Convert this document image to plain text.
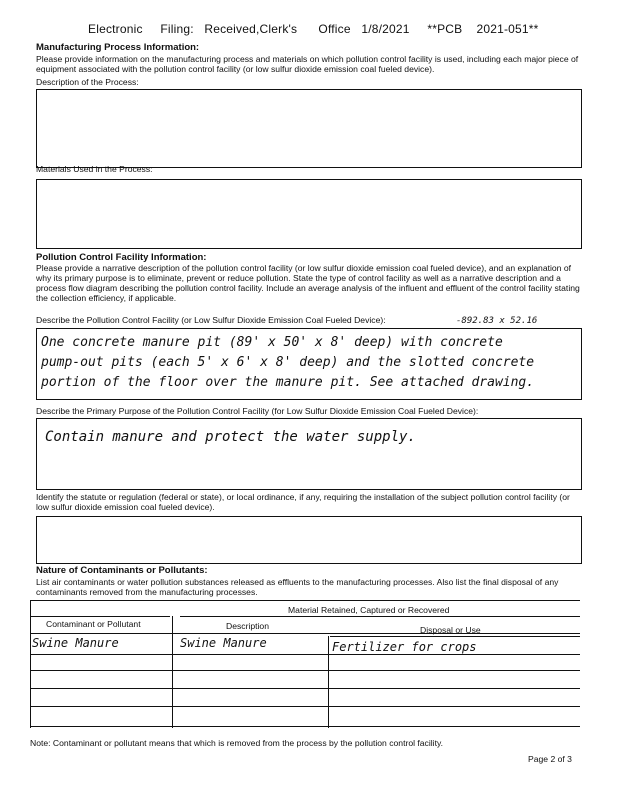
Electronic     Filing:   Received,Clerk's      Office   1/8/2021     **PCB    2021-051**
Manufacturing Process Information:
Please provide information on the manufacturing process and materials on which pollution control facility is used, including each major piece of equipment associated with the pollution control facility (or low sulfur dioxide emission coal fueled device).
Description of the Process:
Materials Used in the Process:
Pollution Control Facility Information:
Please provide a narrative description of the pollution control facility (or low sulfur dioxide emission coal fueled device), and an explanation of why its primary purpose is to eliminate, prevent or reduce pollution. State the type of control facility as well as a narrative description and a process flow diagram describing the pollution control facility. Include an average analysis of the influent and effluent of the control facility stating the collection efficiency, if applicable.
Describe the Pollution Control Facility (or Low Sulfur Dioxide Emission Coal Fueled Device):	-892.83 x 52.16
One concrete manure pit (89' x 50' x 8' deep) with concrete
pump-out pits (each 5' x 6' x 8' deep) and the slotted concrete
portion of the floor over the manure pit. See attached drawing.
Describe the Primary Purpose of the Pollution Control Facility (for Low Sulfur Dioxide Emission Coal Fueled Device):
Contain manure and protect the water supply.
Identify the statute or regulation (federal or state), or local ordinance, if any, requiring the installation of the subject pollution control facility (or low sulfur dioxide emission coal fueled device).
Nature of Contaminants or Pollutants:
List air contaminants or water pollution substances released as effluents to the manufacturing processes. Also list the final disposal of any contaminants removed from the manufacturing processes.
Material Retained, Captured or Recovered
Contaminant or Pollutant	Description	Disposal or Use
Swine Manure	Swine Manure	Fertilizer for crops
Note: Contaminant or pollutant means that which is removed from the process by the pollution control facility.
Page 2 of 3
